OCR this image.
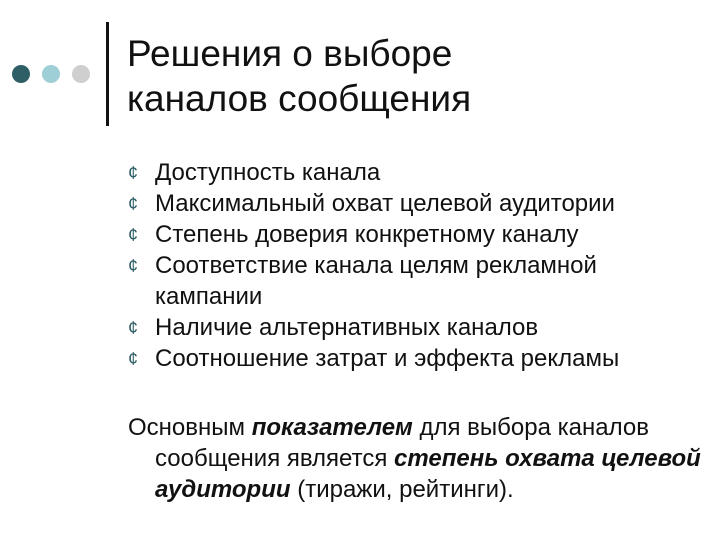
Решения о выборе
каналов сообщения
¢ Доступность канала
¢ Максимальный охват целевой аудитории
¢ Степень доверия конкретному каналу
¢ Соответствие канала целям рекламной кампании
¢ Наличие альтернативных каналов
¢ Соотношение затрат и эффекта рекламы

Основным показателем для выбора каналов сообщения является степень охвата целевой аудитории (тиражи, рейтинги).
